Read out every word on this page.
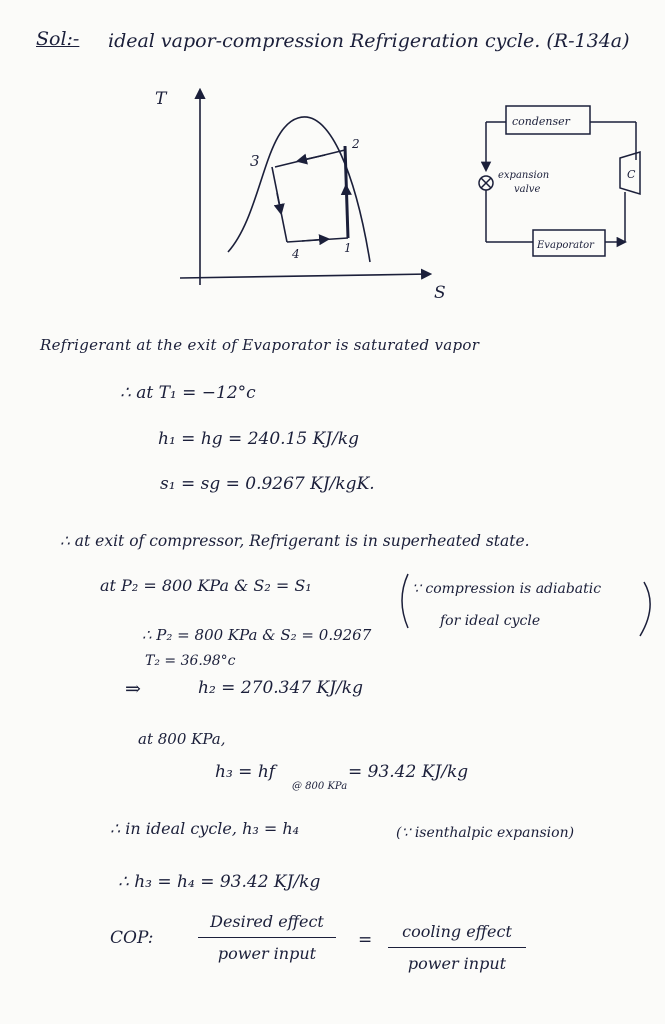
Sol:- ideal vapor-compression Refrigeration cycle. (R-134a)
T
S
1
2
3
4
condenser
expansion
valve
C
Evaporator
Refrigerant at the exit of Evaporator is saturated vapor
∴ at T₁ = −12°c
h₁ = hg = 240.15 KJ/kg
s₁ = sg = 0.9267 KJ/kgK.
∴ at exit of compressor, Refrigerant is in superheated state.
at P₂ = 800 KPa & S₂ = S₁	∵ compression is adiabatic
for ideal cycle
∴ P₂ = 800 KPa & S₂ = 0.9267
T₂ = 36.98°c
⇒	h₂ = 270.347 KJ/kg
at 800 KPa,
h₃ = hf
@ 800 KPa
= 93.42 KJ/kg
∴ in ideal cycle, h₃ = h₄	(∵ isenthalpic expansion)
∴ h₃ = h₄ = 93.42 KJ/kg
COP:
Desired effect
power input
=	cooling effect
power input
